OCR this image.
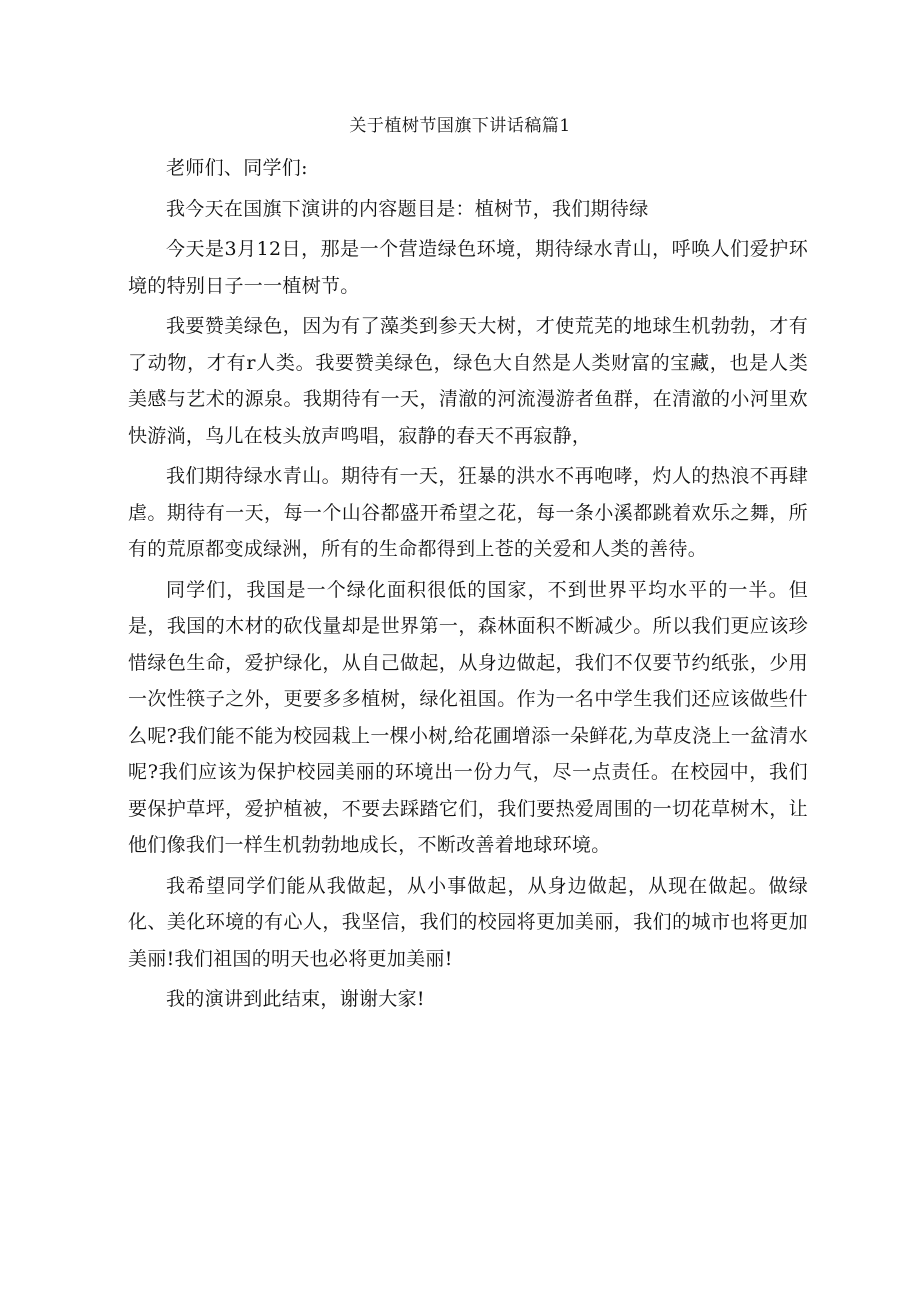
关于植树节国旗下讲话稿篇1

老师们、同学们:

我今天在国旗下演讲的内容题目是：植树节，我们期待绿

今天是3月12日，那是一个营造绿色环境，期待绿水青山，呼唤人们爱护环境的特别日子一一植树节。

我要赞美绿色，因为有了藻类到参天大树，才使荒芜的地球生机勃勃，才有了动物，才有r人类。我要赞美绿色，绿色大自然是人类财富的宝藏，也是人类美感与艺术的源泉。我期待有一天，清澈的河流漫游者鱼群，在清澈的小河里欢快游淌，鸟儿在枝头放声鸣唱，寂静的春天不再寂静，

我们期待绿水青山。期待有一天，狂暴的洪水不再咆哮，灼人的热浪不再肆虐。期待有一天，每一个山谷都盛开希望之花，每一条小溪都跳着欢乐之舞，所有的荒原都变成绿洲，所有的生命都得到上苍的关爱和人类的善待。

同学们，我国是一个绿化面积很低的国家，不到世界平均水平的一半。但是，我国的木材的砍伐量却是世界第一，森林面积不断减少。所以我们更应该珍惜绿色生命，爱护绿化，从自己做起，从身边做起，我们不仅要节约纸张，少用一次性筷子之外，更要多多植树，绿化祖国。作为一名中学生我们还应该做些什么呢?我们能不能为校园栽上一棵小树,给花圃增添一朵鲜花,为草皮浇上一盆清水呢?我们应该为保护校园美丽的环境出一份力气，尽一点责任。在校园中，我们要保护草坪，爱护植被，不要去踩踏它们，我们要热爱周围的一切花草树木，让他们像我们一样生机勃勃地成长，不断改善着地球环境。

我希望同学们能从我做起，从小事做起，从身边做起，从现在做起。做绿化、美化环境的有心人，我坚信，我们的校园将更加美丽，我们的城市也将更加美丽!我们祖国的明天也必将更加美丽!

我的演讲到此结束，谢谢大家!
